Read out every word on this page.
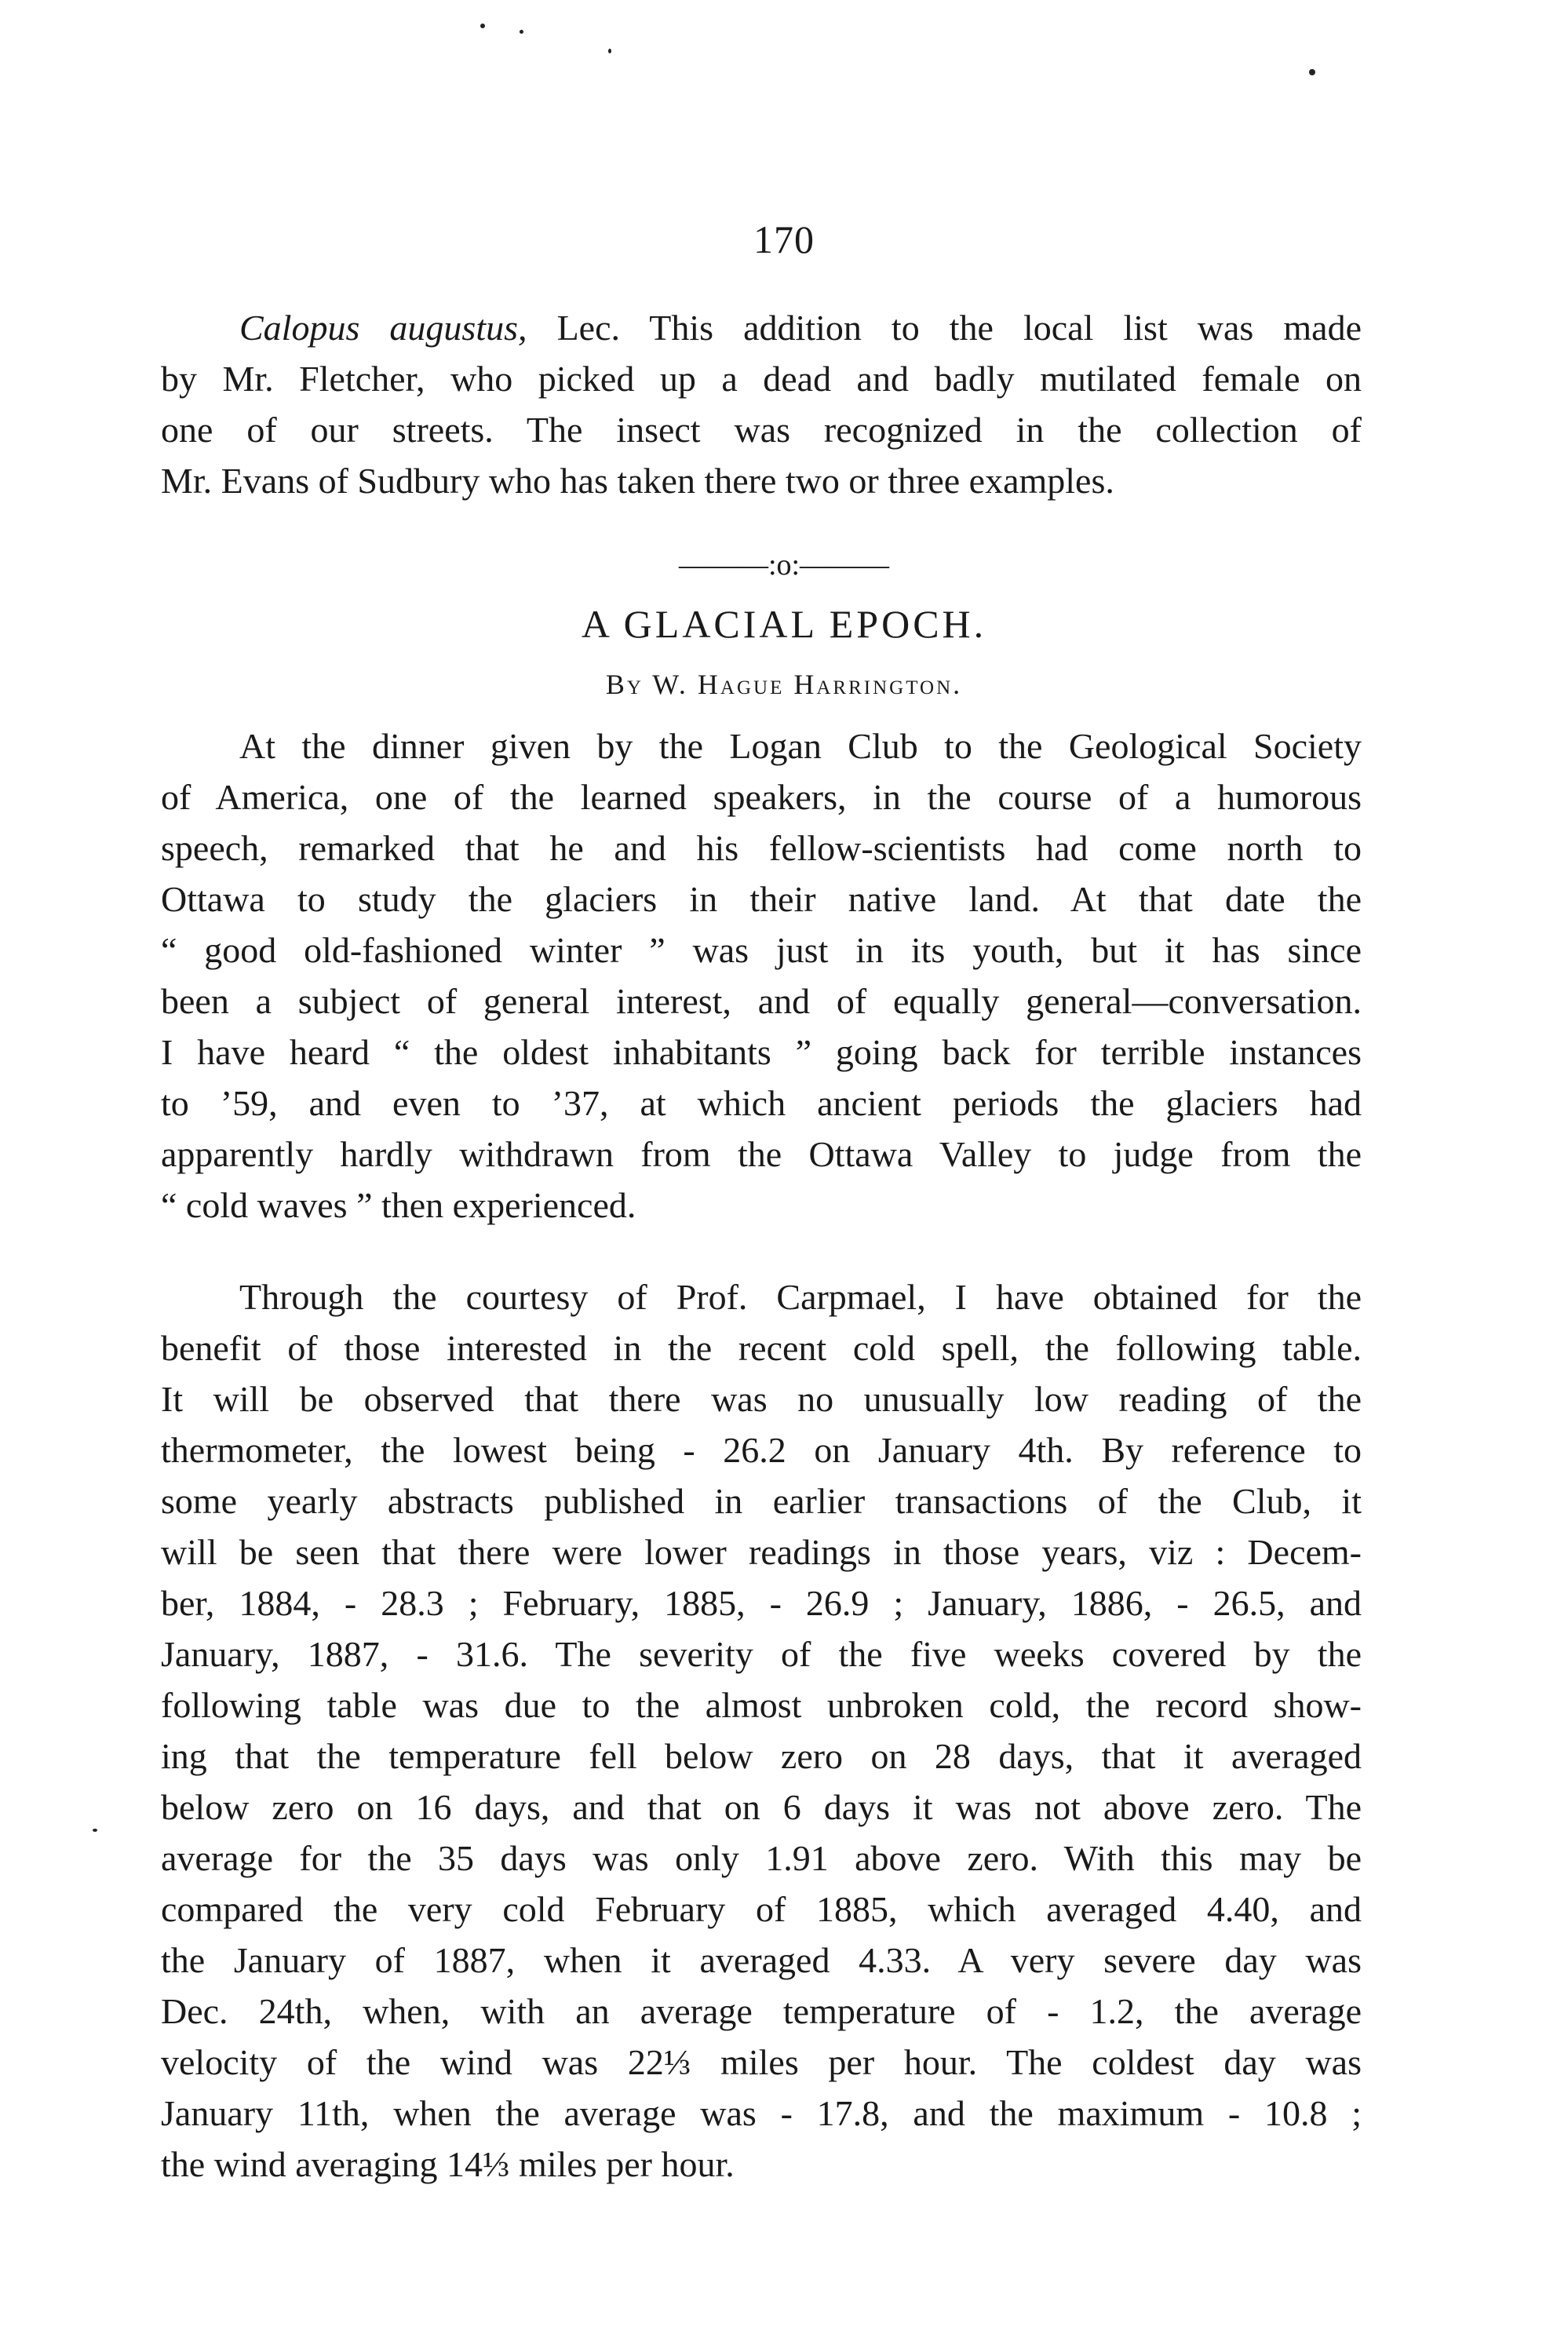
170
Calopus augustus, Lec. This addition to the local list was made
by Mr. Fletcher, who picked up a dead and badly mutilated female on
one of our streets. The insect was recognized in the collection of
Mr. Evans of Sudbury who has taken there two or three examples.
———:o:———
A GLACIAL EPOCH.
By W. Hague Harrington.
At the dinner given by the Logan Club to the Geological Society
of America, one of the learned speakers, in the course of a humorous
speech, remarked that he and his fellow-scientists had come north to
Ottawa to study the glaciers in their native land. At that date the
“ good old-fashioned winter ” was just in its youth, but it has since
been a subject of general interest, and of equally general—conversation.
I have heard “ the oldest inhabitants ” going back for terrible instances
to ’59, and even to ’37, at which ancient periods the glaciers had
apparently hardly withdrawn from the Ottawa Valley to judge from the
“ cold waves ” then experienced.
Through the courtesy of Prof. Carpmael, I have obtained for the
benefit of those interested in the recent cold spell, the following table.
It will be observed that there was no unusually low reading of the
thermometer, the lowest being - 26.2 on January 4th. By reference to
some yearly abstracts published in earlier transactions of the Club, it
will be seen that there were lower readings in those years, viz : Decem-
ber, 1884, - 28.3 ; February, 1885, - 26.9 ; January, 1886, - 26.5, and
January, 1887, - 31.6. The severity of the five weeks covered by the
following table was due to the almost unbroken cold, the record show-
ing that the temperature fell below zero on 28 days, that it averaged
below zero on 16 days, and that on 6 days it was not above zero. The
average for the 35 days was only 1.91 above zero. With this may be
compared the very cold February of 1885, which averaged 4.40, and
the January of 1887, when it averaged 4.33. A very severe day was
Dec. 24th, when, with an average temperature of - 1.2, the average
velocity of the wind was 22⅓ miles per hour. The coldest day was
January 11th, when the average was - 17.8, and the maximum - 10.8 ;
the wind averaging 14⅓ miles per hour.
